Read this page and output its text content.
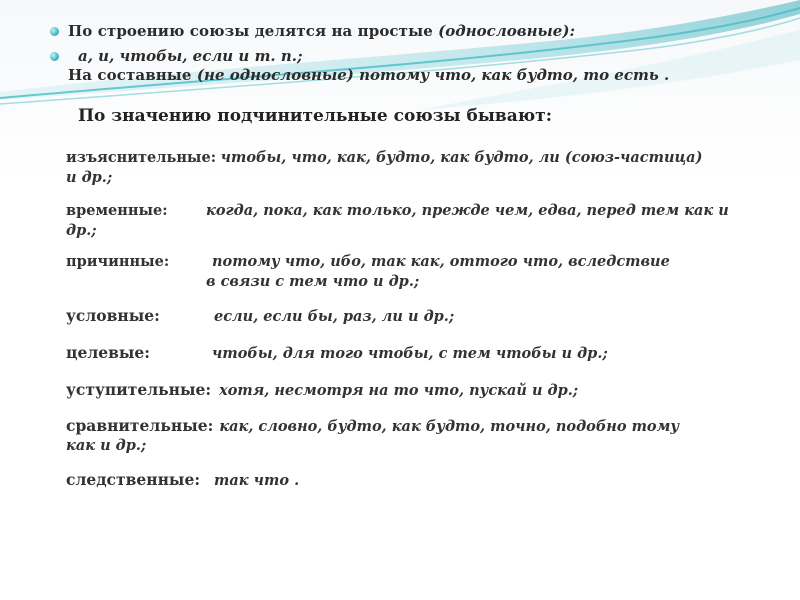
По строению союзы делятся на простые (однословные):
а, и, чтобы, если и т. п.;
На составные (не однословные) потому что, как будто, то есть .
По значению подчинительные союзы бывают:
изъяснительные: чтобы, что, как, будто, как будто, ли (союз-частица)
и др.;
временные:	когда, пока, как только, прежде чем, едва, перед тем как и
др.;
причинные:	потому что, ибо, так как, оттого что, вследствие
в связи с тем что и др.;
условные:	если, если бы, раз, ли и др.;
целевые:	чтобы, для того чтобы, с тем чтобы и др.;
уступительные: хотя, несмотря на то что, пускай и др.;
сравнительные: как, словно, будто, как будто, точно, подобно тому
как и др.;
следственные: так что .
